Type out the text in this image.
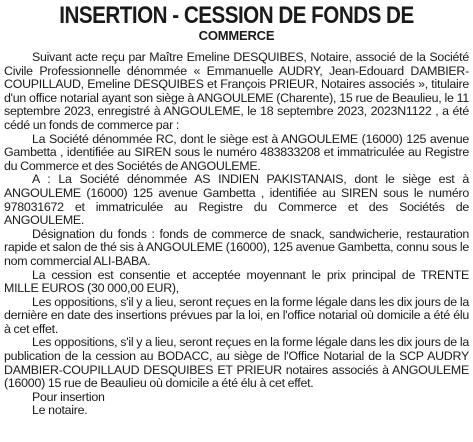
INSERTION - CESSION DE FONDS DE
COMMERCE

Suivant acte reçu par Maître Emeline DESQUIBES, Notaire, associé de la Société Civile Professionnelle dénommée « Emmanuelle AUDRY, Jean-Edouard DAMBIER-COUPILLAUD, Emeline DESQUIBES et François PRIEUR, Notaires associés », titulaire d'un office notarial ayant son siège à ANGOULEME (Charente), 15 rue de Beaulieu, le 11 septembre 2023, enregistré à ANGOULEME, le 18 septembre 2023, 2023N1122 , a été cédé un fonds de commerce par :

La Société dénommée RC, dont le siège est à ANGOULEME (16000) 125 avenue Gambetta , identifiée au SIREN sous le numéro 483833208 et immatriculée au Registre du Commerce et des Sociétés de ANGOULEME.

A : La Société dénommée AS INDIEN PAKISTANAIS, dont le siège est à ANGOULEME (16000) 125 avenue Gambetta , identifiée au SIREN sous le numéro 978031672 et immatriculée au Registre du Commerce et des Sociétés de ANGOULEME.

Désignation du fonds : fonds de commerce de snack, sandwicherie, restauration rapide et salon de thé sis à ANGOULEME (16000), 125 avenue Gambetta, connu sous le nom commercial ALI-BABA.

La cession est consentie et acceptée moyennant le prix principal de TRENTE MILLE EUROS (30 000,00 EUR),

Les oppositions, s'il y a lieu, seront reçues en la forme légale dans les dix jours de la dernière en date des insertions prévues par la loi, en l'office notarial où domicile a été élu à cet effet.

Les oppositions, s'il y a lieu, seront reçues en la forme légale dans les dix jours de la publication de la cession au BODACC, au siège de l'Office Notarial de la SCP AUDRY DAMBIER-COUPILLAUD DESQUIBES ET PRIEUR notaires associés à ANGOULEME (16000) 15 rue de Beaulieu où domicile a été élu à cet effet.

Pour insertion

Le notaire.
